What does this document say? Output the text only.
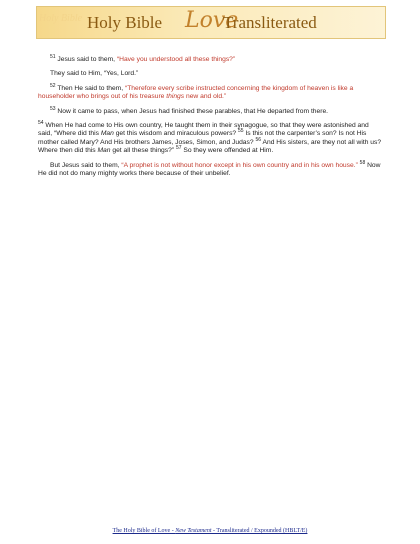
Holy Bible Holy Bible Love
Transliterated

$^{51}$ Jesus said to them, “Have you understood all these things?”

They said to Him, “Yes, Lord.”

$^{52}$ Then He said to them, “Therefore every scribe instructed concerning the kingdom of heaven is like a householder who brings out of his treasure things new and old.”

$^{53}$ Now it came to pass, when Jesus had finished these parables, that He departed from there.

$^{54}$ When He had come to His own country, He taught them in their synagogue, so that they were astonished and said, “Where did this Man get this wisdom and miraculous powers? $^{55}$ Is this not the carpenter’s son? Is not His mother called Mary? And His brothers James, Joses, Simon, and Judas? $^{56}$ And His sisters, are they not all with us? Where then did this Man get all these things?” $^{57}$ So they were offended at Him.

But Jesus said to them, “A prophet is not without honor except in his own country and in his own house.” $^{58}$ Now He did not do many mighty works there because of their unbelief.

The Holy Bible of Love - New Testament - Transliterated / Expounded (HBLT/E)
